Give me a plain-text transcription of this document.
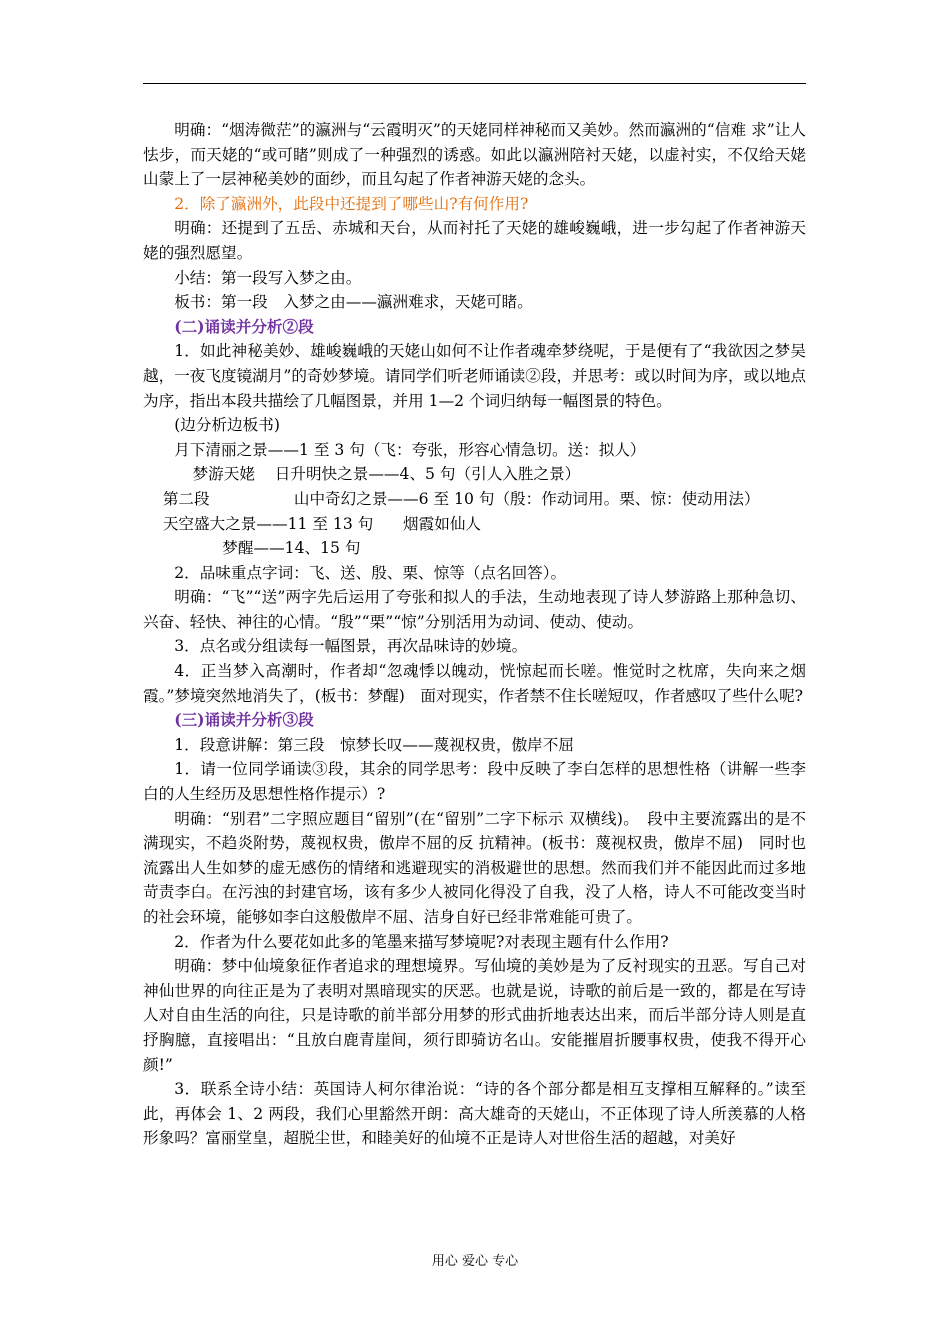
明确：“烟涛微茫”的瀛洲与“云霞明灭”的天姥同样神秘而又美妙。然而瀛洲的“信难 求”让人怯步，而天姥的“或可睹”则成了一种强烈的诱惑。如此以瀛洲陪衬天姥，以虚衬实，不仅给天姥山蒙上了一层神秘美妙的面纱，而且勾起了作者神游天姥的念头。

2．除了瀛洲外，此段中还提到了哪些山?有何作用?

明确：还提到了五岳、赤城和天台，从而衬托了天姥的雄峻巍峨，进一步勾起了作者神游天姥的强烈愿望。

小结：第一段写入梦之由。

板书：第一段　入梦之由——瀛洲难求，天姥可睹。

(二)诵读并分析②段

1．如此神秘美妙、雄峻巍峨的天姥山如何不让作者魂牵梦绕呢，于是便有了“我欲因之梦吴越，一夜飞度镜湖月”的奇妙梦境。请同学们听老师诵读②段，并思考：或以时间为序，或以地点为序，指出本段共描绘了几幅图景，并用 1—2 个词归纳每一幅图景的特色。

(边分析边板书)

月下清丽之景——1 至 3 句（飞：夸张，形容心情急切。送：拟人）

梦游天姥    日升明快之景——4、5 句（引人入胜之景）

第二段                 山中奇幻之景——6 至 10 句（殷：作动词用。栗、惊：使动用法）

天空盛大之景——11 至 13 句      烟霞如仙人

梦醒——14、15 句

2．品味重点字词：飞、送、殷、栗、惊等（点名回答）。

明确：“飞”“送”两字先后运用了夸张和拟人的手法，生动地表现了诗人梦游路上那种急切、兴奋、轻快、神往的心情。“殷”“栗”“惊”分别活用为动词、使动、使动。

3．点名或分组读每一幅图景，再次品味诗的妙境。

4．正当梦入高潮时，作者却“忽魂悸以魄动，恍惊起而长嗟。惟觉时之枕席，失向来之烟霞。”梦境突然地消失了，(板书：梦醒)　面对现实，作者禁不住长嗟短叹，作者感叹了些什么呢?

(三)诵读并分析③段

1．段意讲解：第三段　惊梦长叹——蔑视权贵，傲岸不屈

1．请一位同学诵读③段，其余的同学思考：段中反映了李白怎样的思想性格（讲解一些李白的人生经历及思想性格作提示）?

明确：“别君”二字照应题目“留别”(在“留别”二字下标示 双横线)。　段中主要流露出的是不满现实，不趋炎附势，蔑视权贵，傲岸不屈的反 抗精神。(板书：蔑视权贵，傲岸不屈)　同时也流露出人生如梦的虚无感伤的情绪和逃避现实的消极避世的思想。然而我们并不能因此而过多地苛责李白。在污浊的封建官场，该有多少人被同化得没了自我，没了人格，诗人不可能改变当时的社会环境，能够如李白这般傲岸不屈、洁身自好已经非常难能可贵了。

2．作者为什么要花如此多的笔墨来描写梦境呢?对表现主题有什么作用?

明确：梦中仙境象征作者追求的理想境界。写仙境的美妙是为了反衬现实的丑恶。写自己对神仙世界的向往正是为了表明对黑暗现实的厌恶。也就是说，诗歌的前后是一致的，都是在写诗人对自由生活的向往，只是诗歌的前半部分用梦的形式曲折地表达出来，而后半部分诗人则是直抒胸臆，直接唱出：“且放白鹿青崖间，须行即骑访名山。安能摧眉折腰事权贵，使我不得开心颜!”

3．联系全诗小结：英国诗人柯尔律治说：“诗的各个部分都是相互支撑相互解释的。”读至此，再体会 1、2 两段，我们心里豁然开朗：高大雄奇的天姥山，不正体现了诗人所羡慕的人格形象吗？富丽堂皇，超脱尘世，和睦美好的仙境不正是诗人对世俗生活的超越，对美好

用心 爱心 专心
